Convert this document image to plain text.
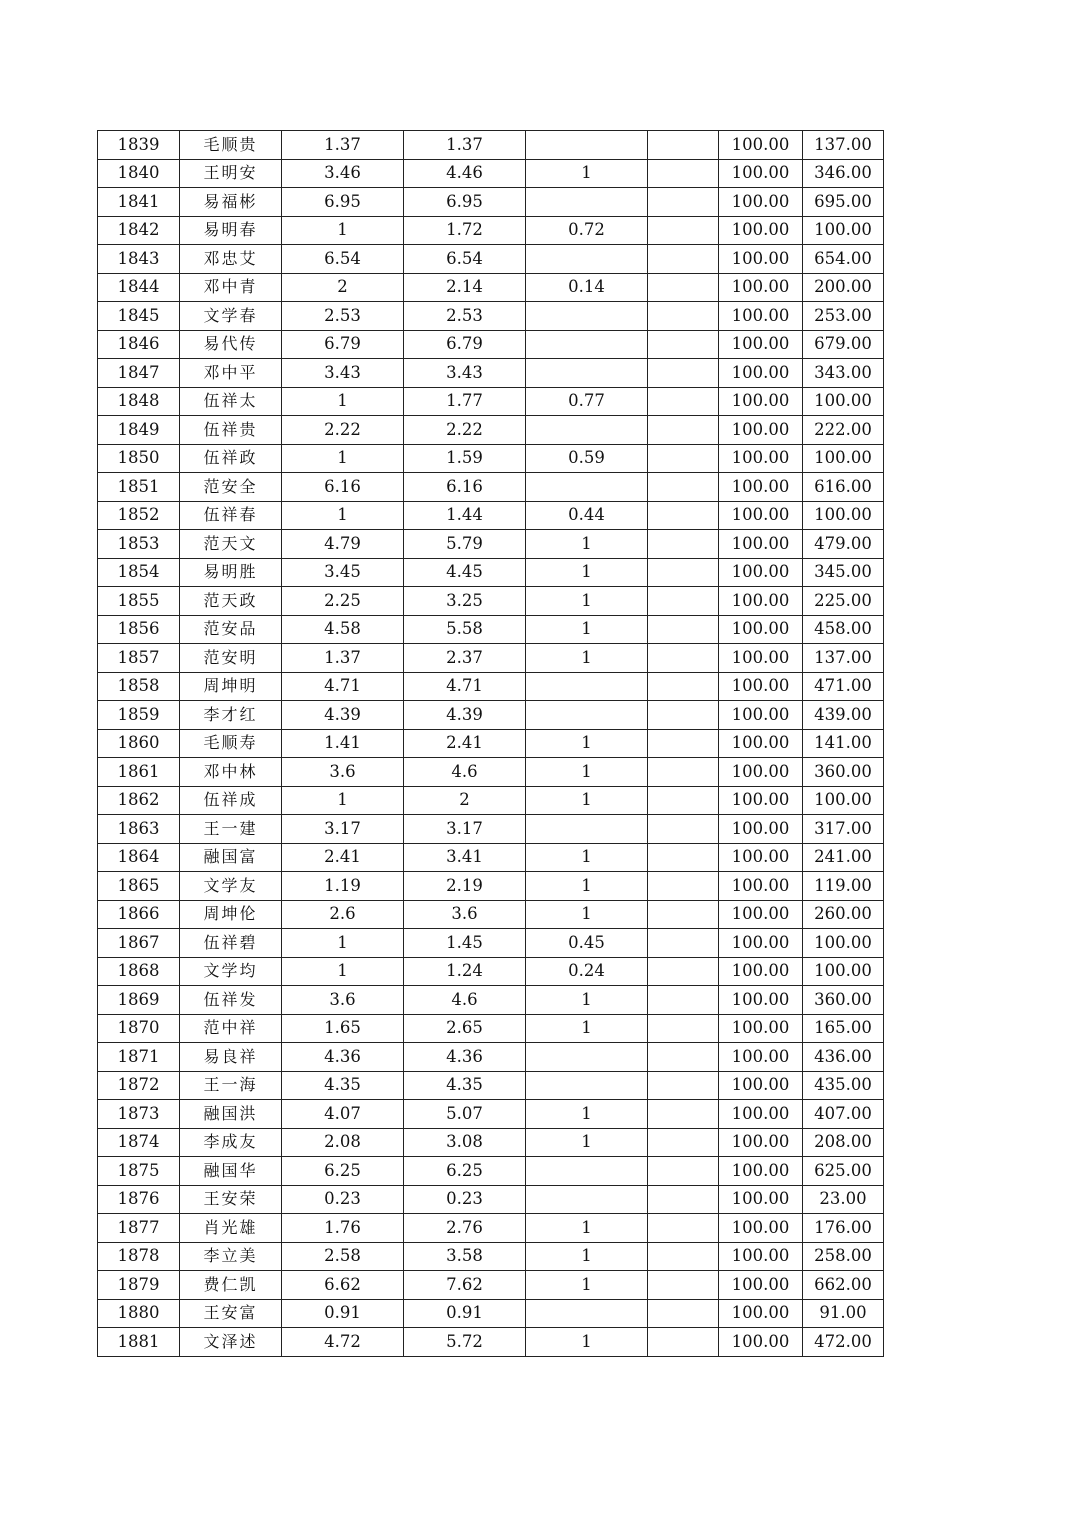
1839	毛顺贵	1.37	1.37			100.00	137.00
1840	王明安	3.46	4.46	1		100.00	346.00
1841	易福彬	6.95	6.95			100.00	695.00
1842	易明春	1	1.72	0.72		100.00	100.00
1843	邓忠艾	6.54	6.54			100.00	654.00
1844	邓中青	2	2.14	0.14		100.00	200.00
1845	文学春	2.53	2.53			100.00	253.00
1846	易代传	6.79	6.79			100.00	679.00
1847	邓中平	3.43	3.43			100.00	343.00
1848	伍祥太	1	1.77	0.77		100.00	100.00
1849	伍祥贵	2.22	2.22			100.00	222.00
1850	伍祥政	1	1.59	0.59		100.00	100.00
1851	范安全	6.16	6.16			100.00	616.00
1852	伍祥春	1	1.44	0.44		100.00	100.00
1853	范天文	4.79	5.79	1		100.00	479.00
1854	易明胜	3.45	4.45	1		100.00	345.00
1855	范天政	2.25	3.25	1		100.00	225.00
1856	范安品	4.58	5.58	1		100.00	458.00
1857	范安明	1.37	2.37	1		100.00	137.00
1858	周坤明	4.71	4.71			100.00	471.00
1859	李才红	4.39	4.39			100.00	439.00
1860	毛顺寿	1.41	2.41	1		100.00	141.00
1861	邓中林	3.6	4.6	1		100.00	360.00
1862	伍祥成	1	2	1		100.00	100.00
1863	王一建	3.17	3.17			100.00	317.00
1864	融国富	2.41	3.41	1		100.00	241.00
1865	文学友	1.19	2.19	1		100.00	119.00
1866	周坤伦	2.6	3.6	1		100.00	260.00
1867	伍祥碧	1	1.45	0.45		100.00	100.00
1868	文学均	1	1.24	0.24		100.00	100.00
1869	伍祥发	3.6	4.6	1		100.00	360.00
1870	范中祥	1.65	2.65	1		100.00	165.00
1871	易良祥	4.36	4.36			100.00	436.00
1872	王一海	4.35	4.35			100.00	435.00
1873	融国洪	4.07	5.07	1		100.00	407.00
1874	李成友	2.08	3.08	1		100.00	208.00
1875	融国华	6.25	6.25			100.00	625.00
1876	王安荣	0.23	0.23			100.00	23.00
1877	肖光雄	1.76	2.76	1		100.00	176.00
1878	李立美	2.58	3.58	1		100.00	258.00
1879	费仁凯	6.62	7.62	1		100.00	662.00
1880	王安富	0.91	0.91			100.00	91.00
1881	文泽述	4.72	5.72	1		100.00	472.00
